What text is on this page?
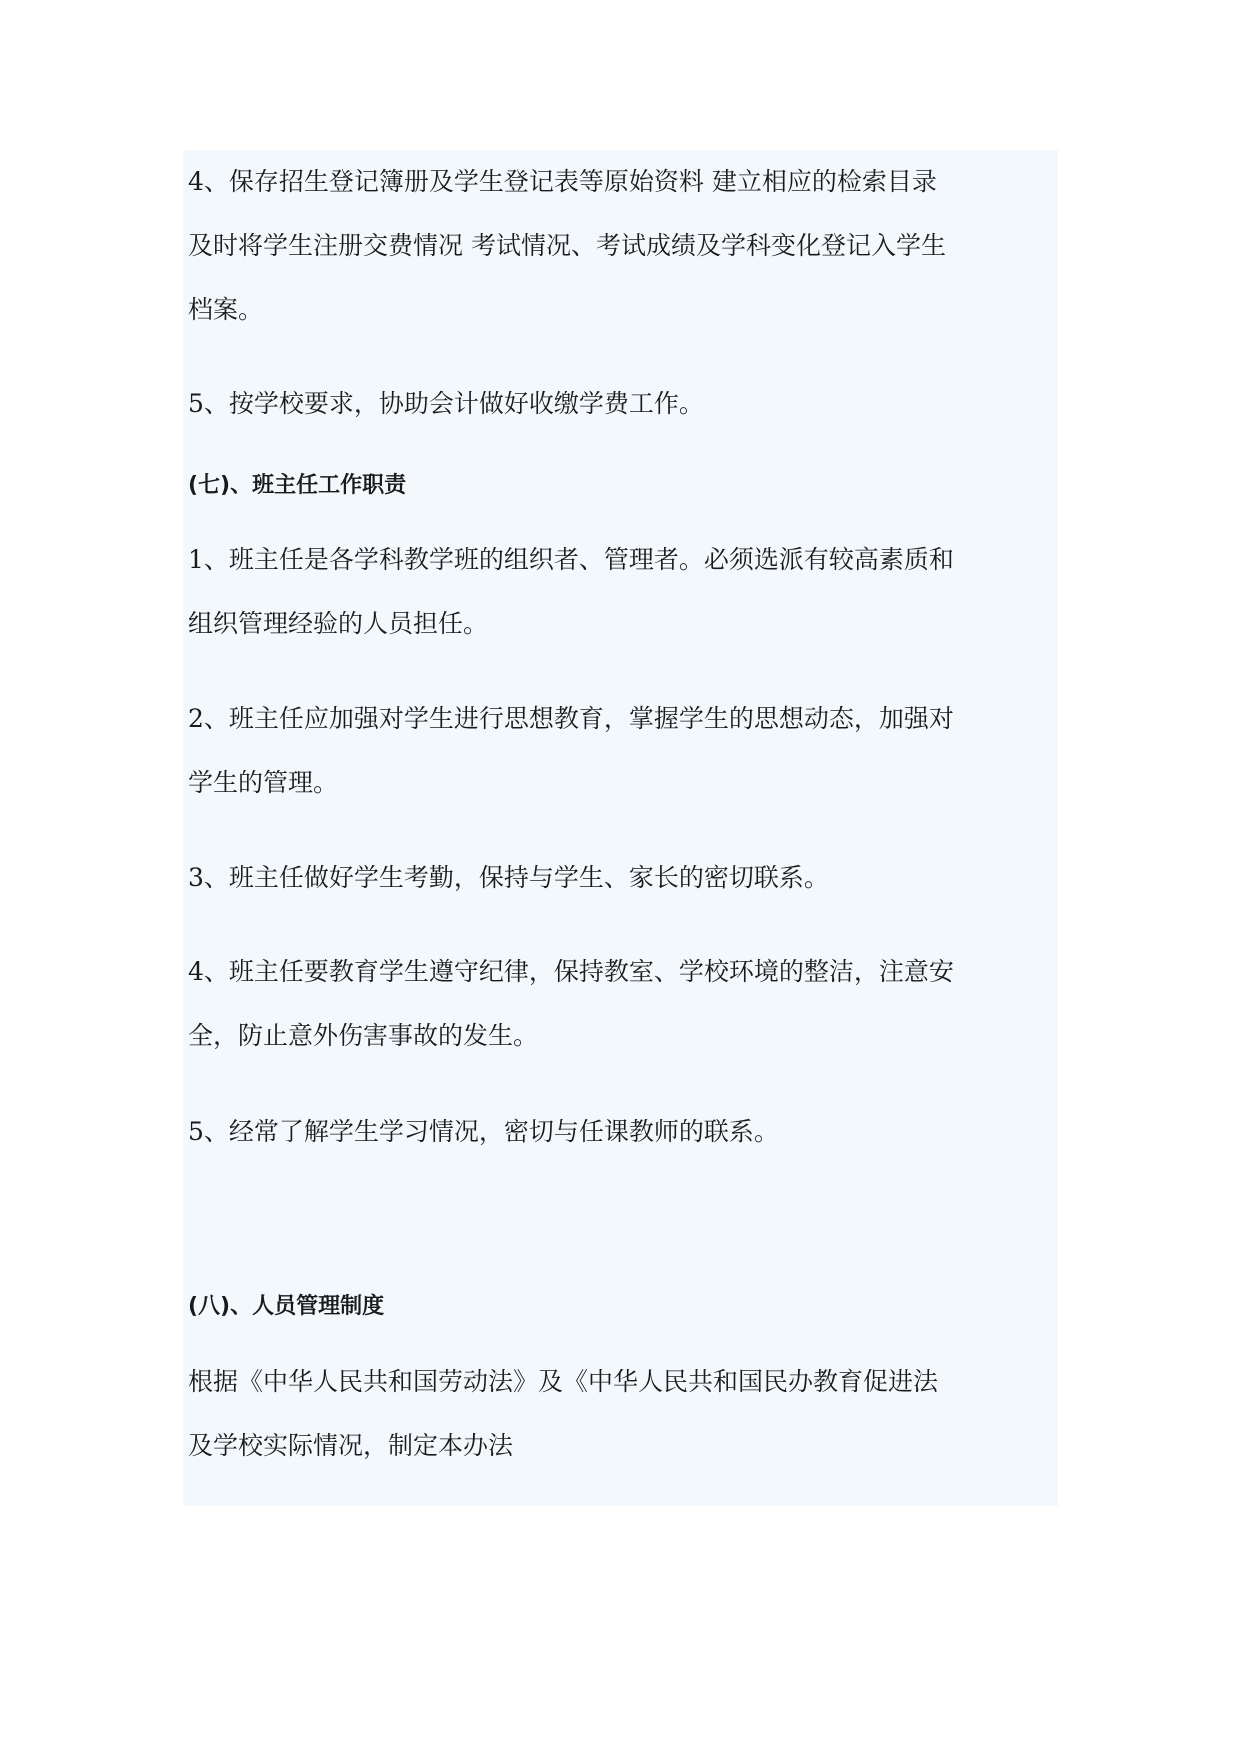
4、保存招生登记簿册及学生登记表等原始资料 建立相应的检索目录
及时将学生注册交费情况 考试情况、考试成绩及学科变化登记入学生
档案。
5、按学校要求，协助会计做好收缴学费工作。
(七)、班主任工作职责
1、班主任是各学科教学班的组织者、管理者。必须选派有较高素质和
组织管理经验的人员担任。
2、班主任应加强对学生进行思想教育，掌握学生的思想动态，加强对
学生的管理。
3、班主任做好学生考勤，保持与学生、家长的密切联系。
4、班主任要教育学生遵守纪律，保持教室、学校环境的整洁，注意安
全，防止意外伤害事故的发生。
5、经常了解学生学习情况，密切与任课教师的联系。
(八)、人员管理制度
根据《中华人民共和国劳动法》及《中华人民共和国民办教育促进法
及学校实际情况，制定本办法
